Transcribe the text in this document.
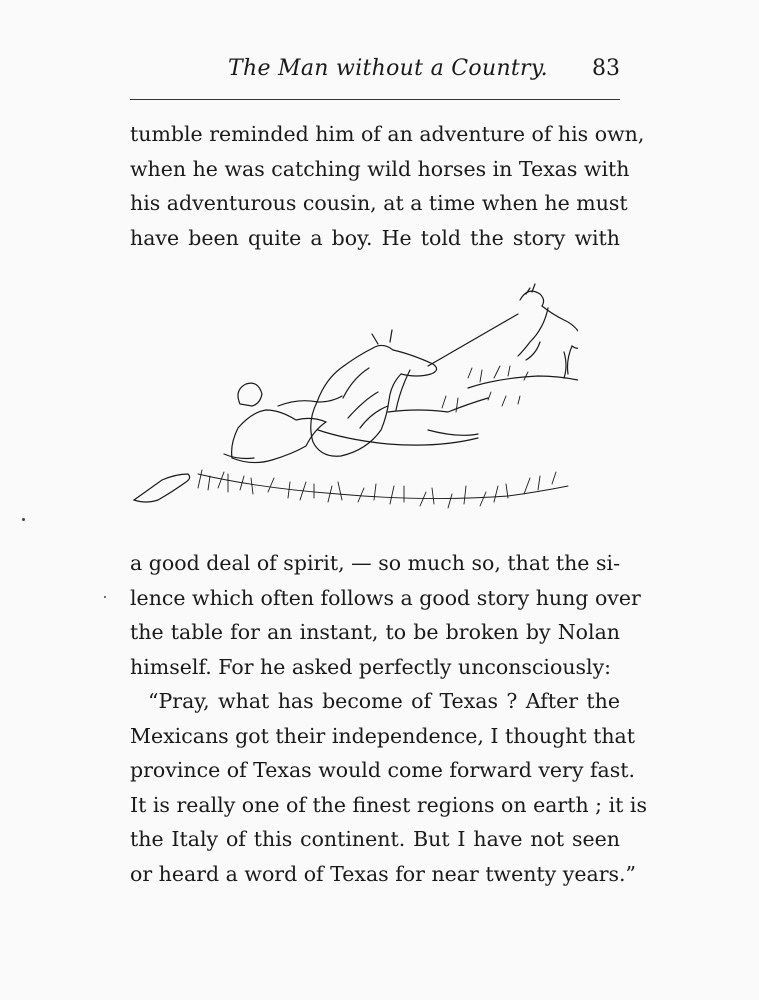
The Man without a Country. 83
tumble reminded him of an adventure of his own,
when he was catching wild horses in Texas with
his adventurous cousin, at a time when he must
have been quite a boy. He told the story with
a good deal of spirit, — so much so, that the si-
lence which often follows a good story hung over
the table for an instant, to be broken by Nolan
himself. For he asked perfectly unconsciously:
“Pray, what has become of Texas ? After the
Mexicans got their independence, I thought that
province of Texas would come forward very fast.
It is really one of the finest regions on earth ; it is
the Italy of this continent. But I have not seen
or heard a word of Texas for near twenty years.”
